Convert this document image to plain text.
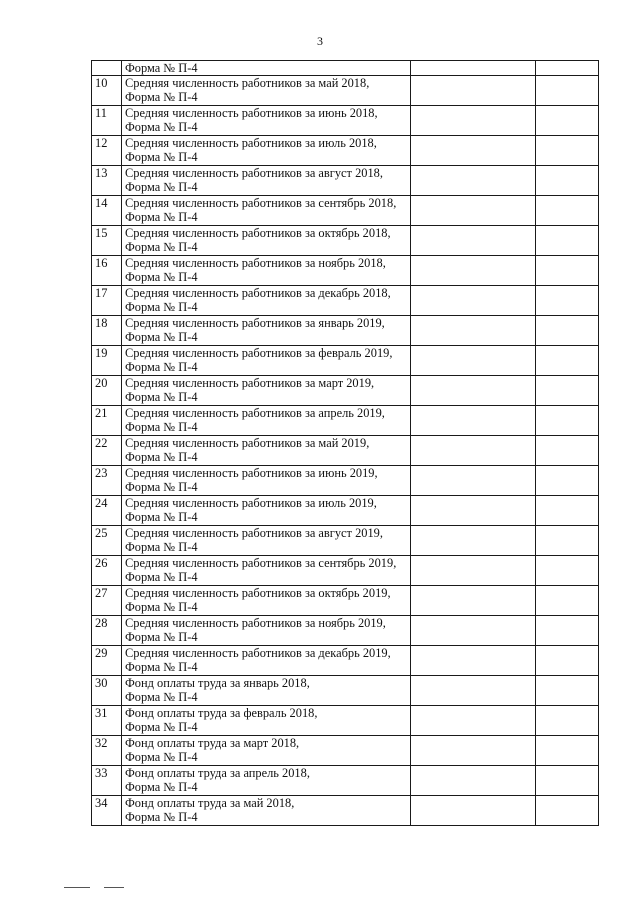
3

	Форма № П-4		

10	Средняя численность работников за май 2018,
Форма № П-4		

11	Средняя численность работников за июнь 2018,
Форма № П-4		

12	Средняя численность работников за июль 2018,
Форма № П-4		

13	Средняя численность работников за август 2018,
Форма № П-4		

14	Средняя численность работников за сентябрь 2018,
Форма № П-4		

15	Средняя численность работников за октябрь 2018,
Форма № П-4		

16	Средняя численность работников за ноябрь 2018,
Форма № П-4		

17	Средняя численность работников за декабрь 2018,
Форма № П-4		

18	Средняя численность работников за январь 2019,
Форма № П-4		

19	Средняя численность работников за февраль 2019,
Форма № П-4		

20	Средняя численность работников за март 2019,
Форма № П-4		

21	Средняя численность работников за апрель 2019,
Форма № П-4		

22	Средняя численность работников за май 2019,
Форма № П-4		

23	Средняя численность работников за июнь 2019,
Форма № П-4		

24	Средняя численность работников за июль 2019,
Форма № П-4		

25	Средняя численность работников за август 2019,
Форма № П-4		

26	Средняя численность работников за сентябрь 2019,
Форма № П-4		

27	Средняя численность работников за октябрь 2019,
Форма № П-4		

28	Средняя численность работников за ноябрь 2019,
Форма № П-4		

29	Средняя численность работников за декабрь 2019,
Форма № П-4		

30	Фонд оплаты труда за январь 2018,
Форма № П-4		

31	Фонд оплаты труда за февраль 2018,
Форма № П-4		

32	Фонд оплаты труда за март 2018,
Форма № П-4		

33	Фонд оплаты труда за апрель 2018,
Форма № П-4		

34	Фонд оплаты труда за май 2018,
Форма № П-4		
